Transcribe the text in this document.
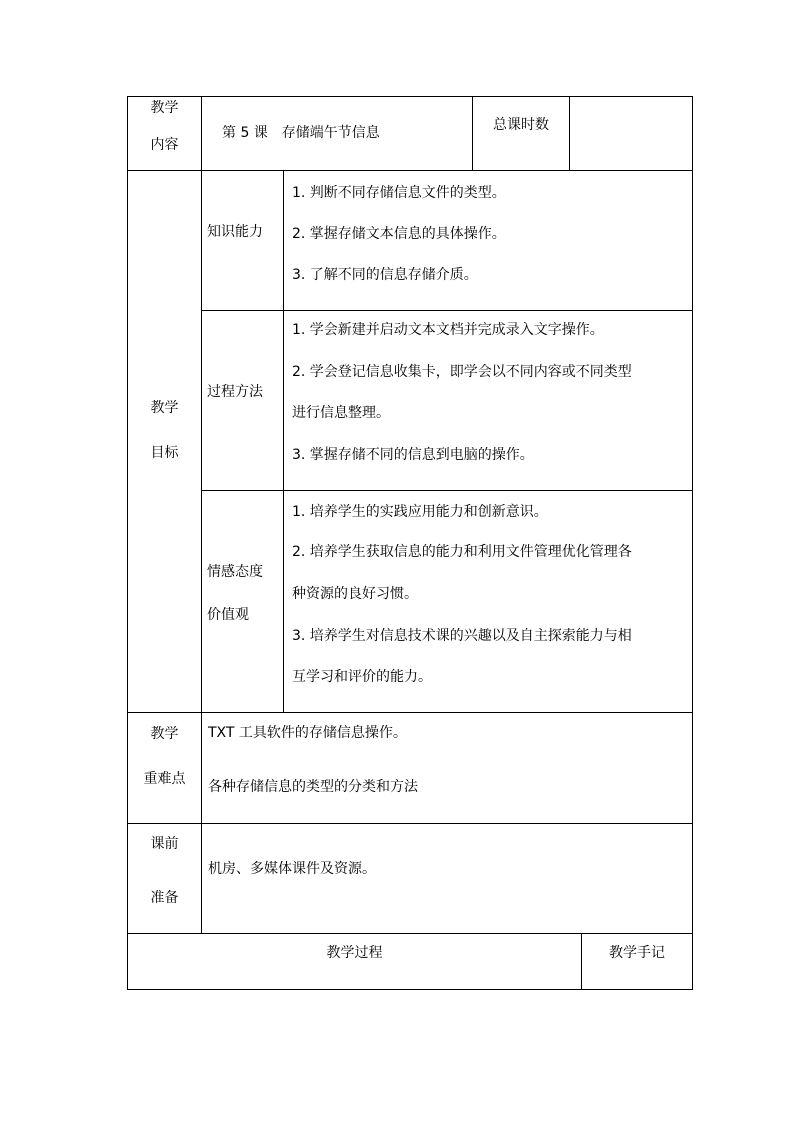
教学
内容
第 5 课　存储端午节信息	总课时数
教学
目标
知识能力
1. 判断不同存储信息文件的类型。
2. 掌握存储文本信息的具体操作。
3. 了解不同的信息存储介质。
过程方法
1. 学会新建并启动文本文档并完成录入文字操作。
2. 学会登记信息收集卡，即学会以不同内容或不同类型
进行信息整理。
3. 掌握存储不同的信息到电脑的操作。
情感态度
价值观
1. 培养学生的实践应用能力和创新意识。
2. 培养学生获取信息的能力和利用文件管理优化管理各
种资源的良好习惯。
3. 培养学生对信息技术课的兴趣以及自主探索能力与相
互学习和评价的能力。
教学
重难点
TXT 工具软件的存储信息操作。
各种存储信息的类型的分类和方法
课前
准备
机房、多媒体课件及资源。
教学过程	教学手记
